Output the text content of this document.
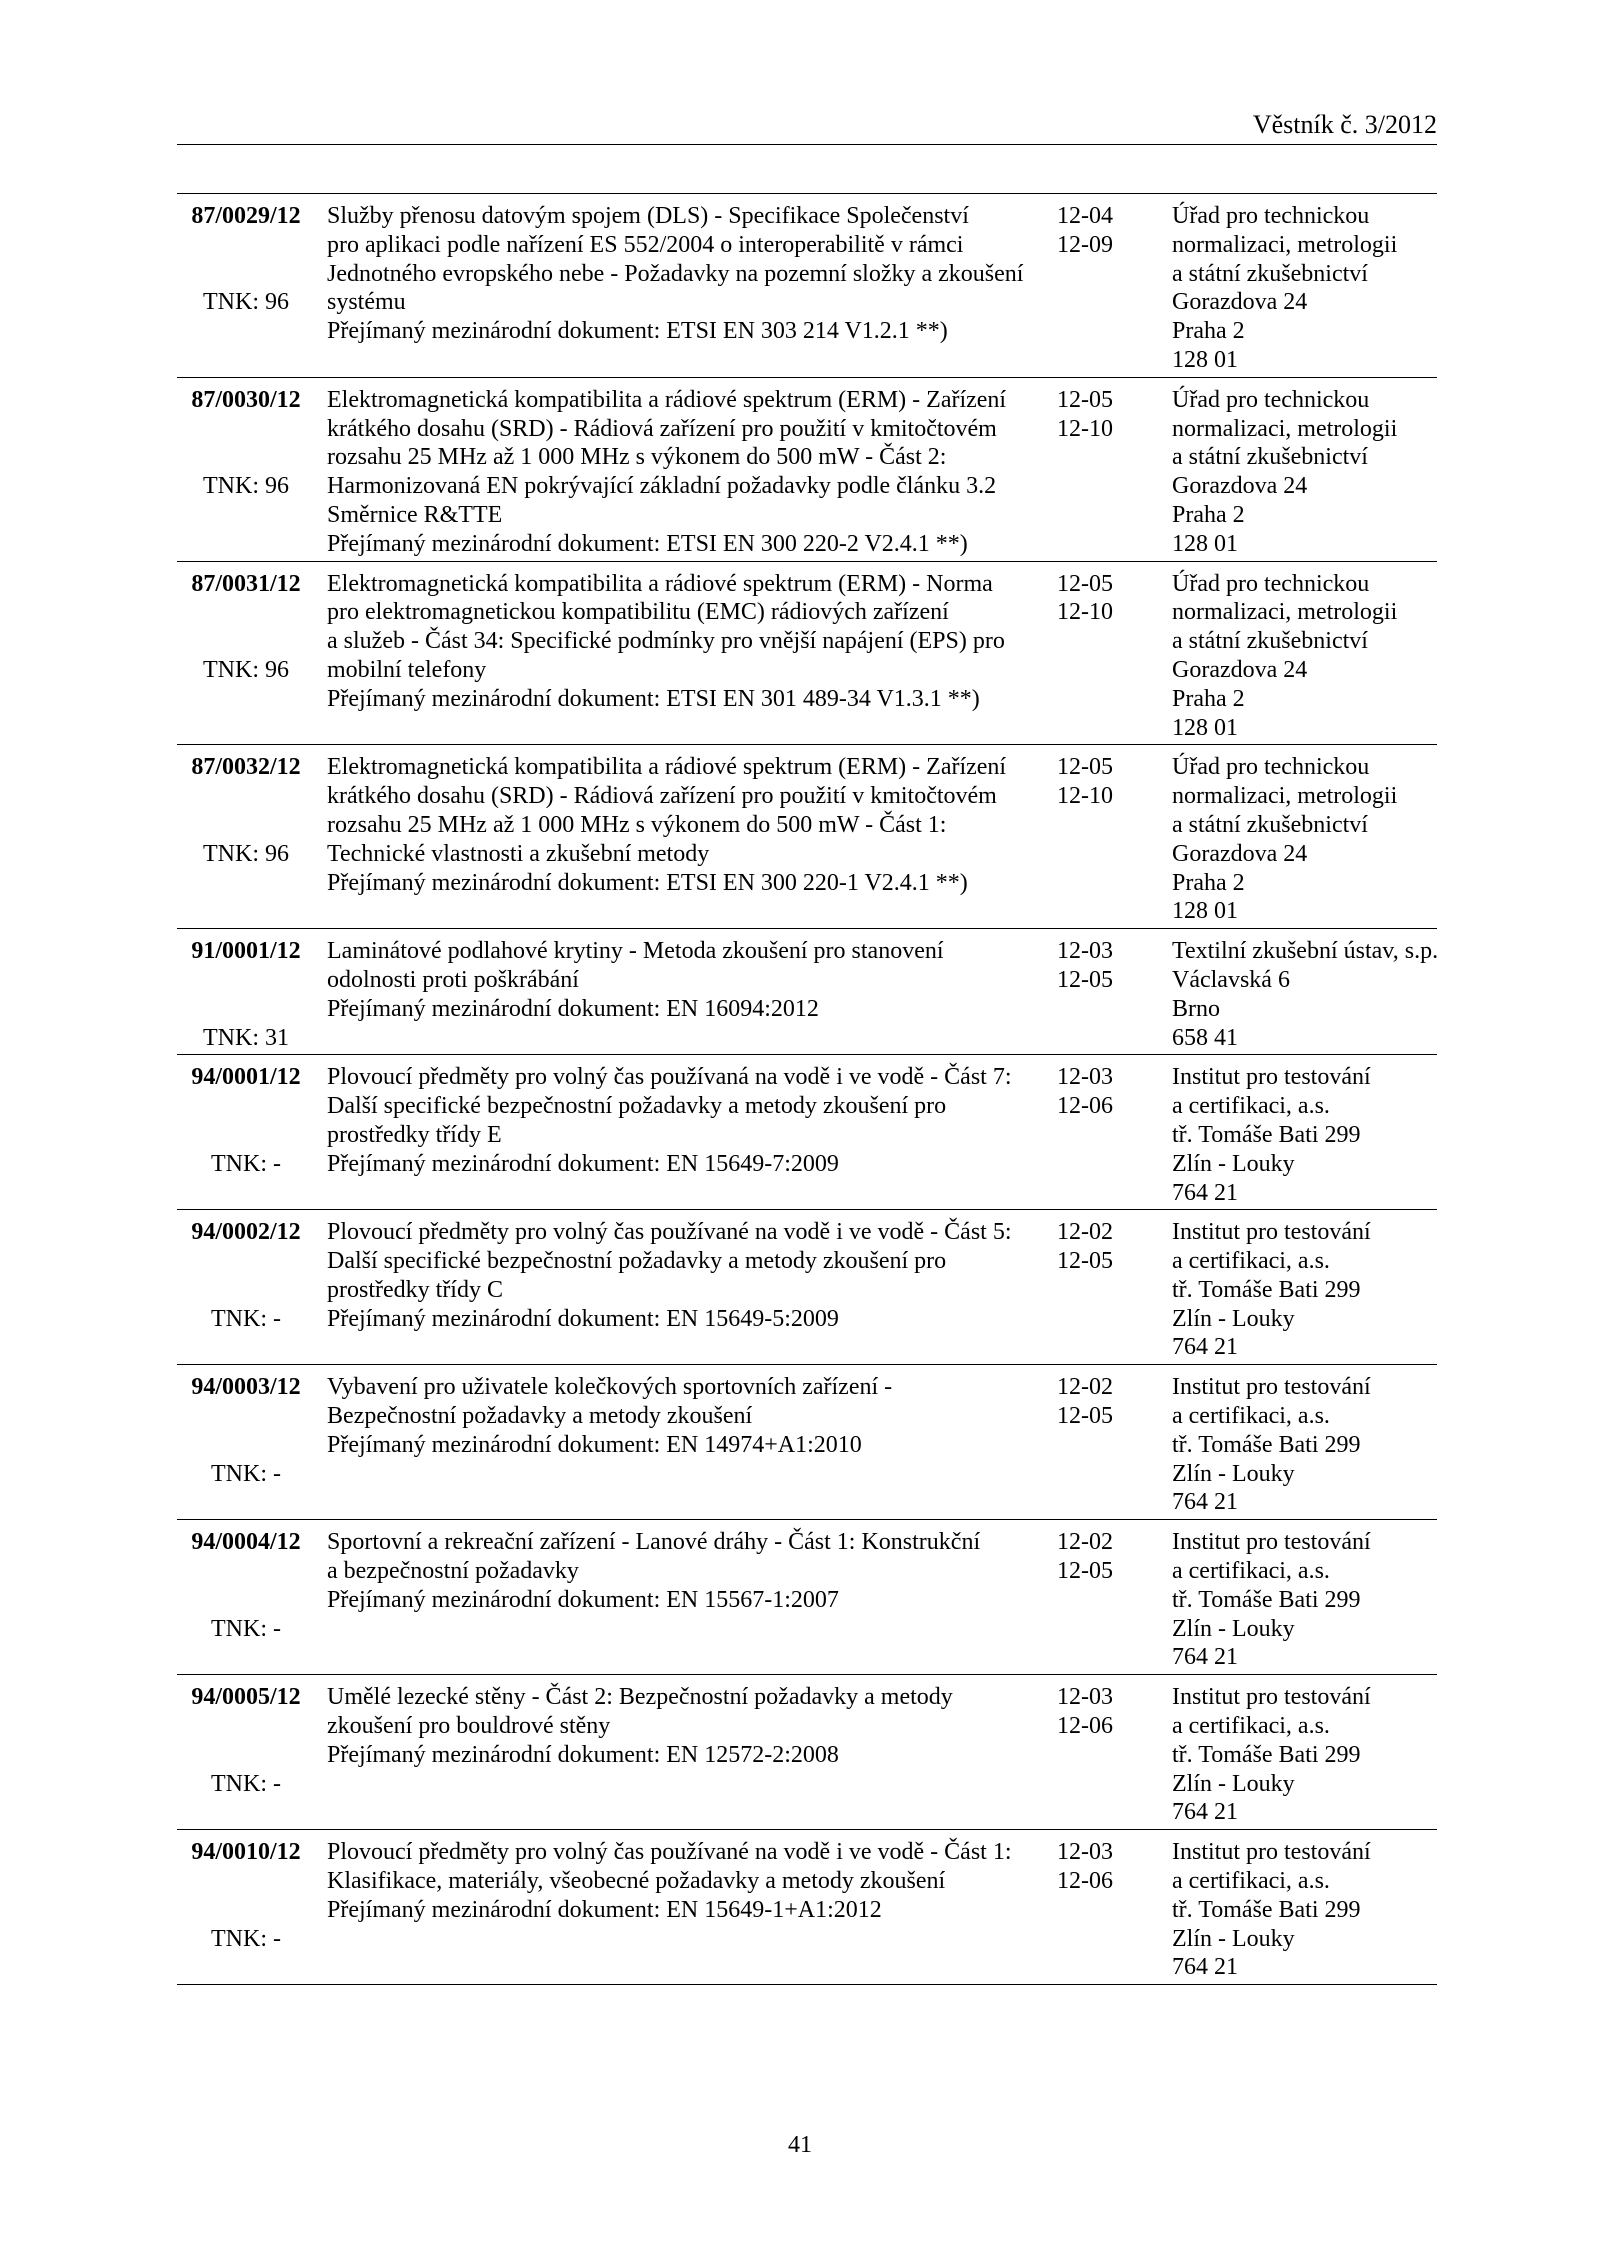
Věstník č. 3/2012
87/0029/12
TNK: 96
Služby přenosu datovým spojem (DLS) - Specifikace Společenství
pro aplikaci podle nařízení ES 552/2004 o interoperabilitě v rámci
Jednotného evropského nebe - Požadavky na pozemní složky a zkoušení
systému
Přejímaný mezinárodní dokument: ETSI EN 303 214 V1.2.1 **)
12-04
12-09
Úřad pro technickou
normalizaci, metrologii
a státní zkušebnictví
Gorazdova 24
Praha 2
128 01
87/0030/12
TNK: 96
Elektromagnetická kompatibilita a rádiové spektrum (ERM) - Zařízení
krátkého dosahu (SRD) - Rádiová zařízení pro použití v kmitočtovém
rozsahu 25 MHz až 1 000 MHz s výkonem do 500 mW - Část 2:
Harmonizovaná EN pokrývající základní požadavky podle článku 3.2
Směrnice R&TTE
Přejímaný mezinárodní dokument: ETSI EN 300 220-2 V2.4.1 **)
12-05
12-10
Úřad pro technickou
normalizaci, metrologii
a státní zkušebnictví
Gorazdova 24
Praha 2
128 01
87/0031/12
TNK: 96
Elektromagnetická kompatibilita a rádiové spektrum (ERM) - Norma
pro elektromagnetickou kompatibilitu (EMC) rádiových zařízení
a služeb - Část 34: Specifické podmínky pro vnější napájení (EPS) pro
mobilní telefony
Přejímaný mezinárodní dokument: ETSI EN 301 489-34 V1.3.1 **)
12-05
12-10
Úřad pro technickou
normalizaci, metrologii
a státní zkušebnictví
Gorazdova 24
Praha 2
128 01
87/0032/12
TNK: 96
Elektromagnetická kompatibilita a rádiové spektrum (ERM) - Zařízení
krátkého dosahu (SRD) - Rádiová zařízení pro použití v kmitočtovém
rozsahu 25 MHz až 1 000 MHz s výkonem do 500 mW - Část 1:
Technické vlastnosti a zkušební metody
Přejímaný mezinárodní dokument: ETSI EN 300 220-1 V2.4.1 **)
12-05
12-10
Úřad pro technickou
normalizaci, metrologii
a státní zkušebnictví
Gorazdova 24
Praha 2
128 01
91/0001/12
TNK: 31
Laminátové podlahové krytiny - Metoda zkoušení pro stanovení
odolnosti proti poškrábání
Přejímaný mezinárodní dokument: EN 16094:2012
12-03
12-05
Textilní zkušební ústav, s.p.
Václavská 6
Brno
658 41
94/0001/12
TNK: -
Plovoucí předměty pro volný čas používaná na vodě i ve vodě - Část 7:
Další specifické bezpečnostní požadavky a metody zkoušení pro
prostředky třídy E
Přejímaný mezinárodní dokument: EN 15649-7:2009
12-03
12-06
Institut pro testování
a certifikaci, a.s.
tř. Tomáše Bati 299
Zlín - Louky
764 21
94/0002/12
TNK: -
Plovoucí předměty pro volný čas používané na vodě i ve vodě - Část 5:
Další specifické bezpečnostní požadavky a metody zkoušení pro
prostředky třídy C
Přejímaný mezinárodní dokument: EN 15649-5:2009
12-02
12-05
Institut pro testování
a certifikaci, a.s.
tř. Tomáše Bati 299
Zlín - Louky
764 21
94/0003/12
TNK: -
Vybavení pro uživatele kolečkových sportovních zařízení -
Bezpečnostní požadavky a metody zkoušení
Přejímaný mezinárodní dokument: EN 14974+A1:2010
12-02
12-05
Institut pro testování
a certifikaci, a.s.
tř. Tomáše Bati 299
Zlín - Louky
764 21
94/0004/12
TNK: -
Sportovní a rekreační zařízení - Lanové dráhy - Část 1: Konstrukční
a bezpečnostní požadavky
Přejímaný mezinárodní dokument: EN 15567-1:2007
12-02
12-05
Institut pro testování
a certifikaci, a.s.
tř. Tomáše Bati 299
Zlín - Louky
764 21
94/0005/12
TNK: -
Umělé lezecké stěny - Část 2: Bezpečnostní požadavky a metody
zkoušení pro bouldrové stěny
Přejímaný mezinárodní dokument: EN 12572-2:2008
12-03
12-06
Institut pro testování
a certifikaci, a.s.
tř. Tomáše Bati 299
Zlín - Louky
764 21
94/0010/12
TNK: -
Plovoucí předměty pro volný čas používané na vodě i ve vodě - Část 1:
Klasifikace, materiály, všeobecné požadavky a metody zkoušení
Přejímaný mezinárodní dokument: EN 15649-1+A1:2012
12-03
12-06
Institut pro testování
a certifikaci, a.s.
tř. Tomáše Bati 299
Zlín - Louky
764 21
41
